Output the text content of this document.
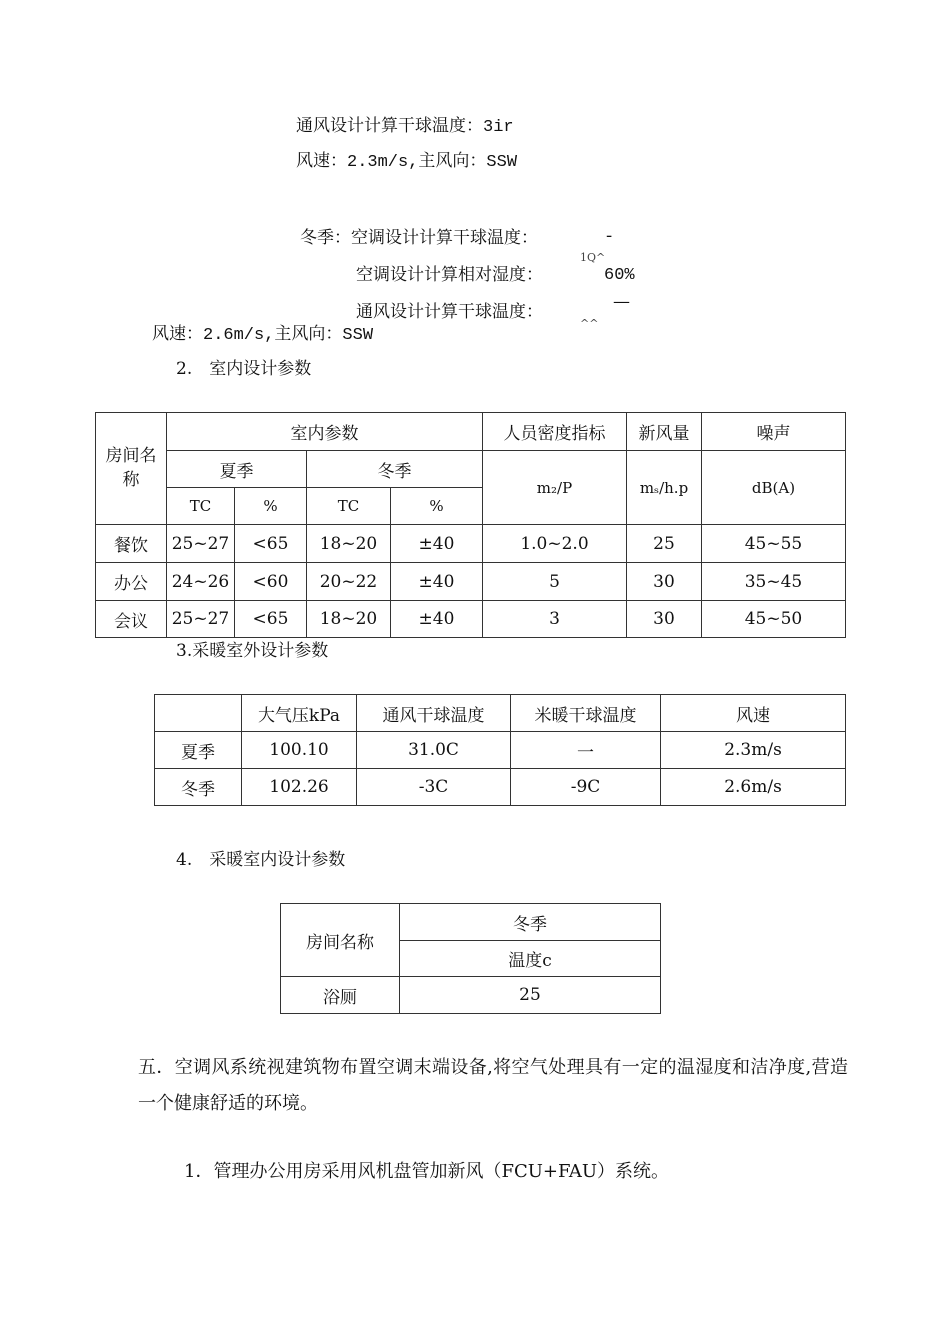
通风设计计算干球温度：3ir
风速：2.3m/s,主风向：SSW
冬季：空调设计计算干球温度：	-
1Q^
空调设计计算相对湿度：	60%
通风设计计算干球温度：	—
^^
风速：2.6m/s,主风向：SSW
2.　室内设计参数
房间名称	室内参数				人员密度指标	新风量	噪声
	夏季		冬季		m₂/P	mₛ/h.p	dB(A)
	TC	%	TC	%			
餐饮	25~27	<65	18~20	±40	1.0~2.0	25	45~55
办公	24~26	<60	20~22	±40	5	30	35~45
会议	25~27	<65	18~20	±40	3	30	45~50
3.采暖室外设计参数
	大气压kPa	通风干球温度	米暖干球温度	风速
夏季	100.10	31.0C	一	2.3m/s
冬季	102.26	-3C	-9C	2.6m/s
4.　采暖室内设计参数
房间名称	冬季
	温度c
浴厕	25
五．空调风系统视建筑物布置空调末端设备,将空气处理具有一定的温湿度和洁净度,营造一个健康舒适的环境。
1．管理办公用房采用风机盘管加新风（FCU+FAU）系统。
